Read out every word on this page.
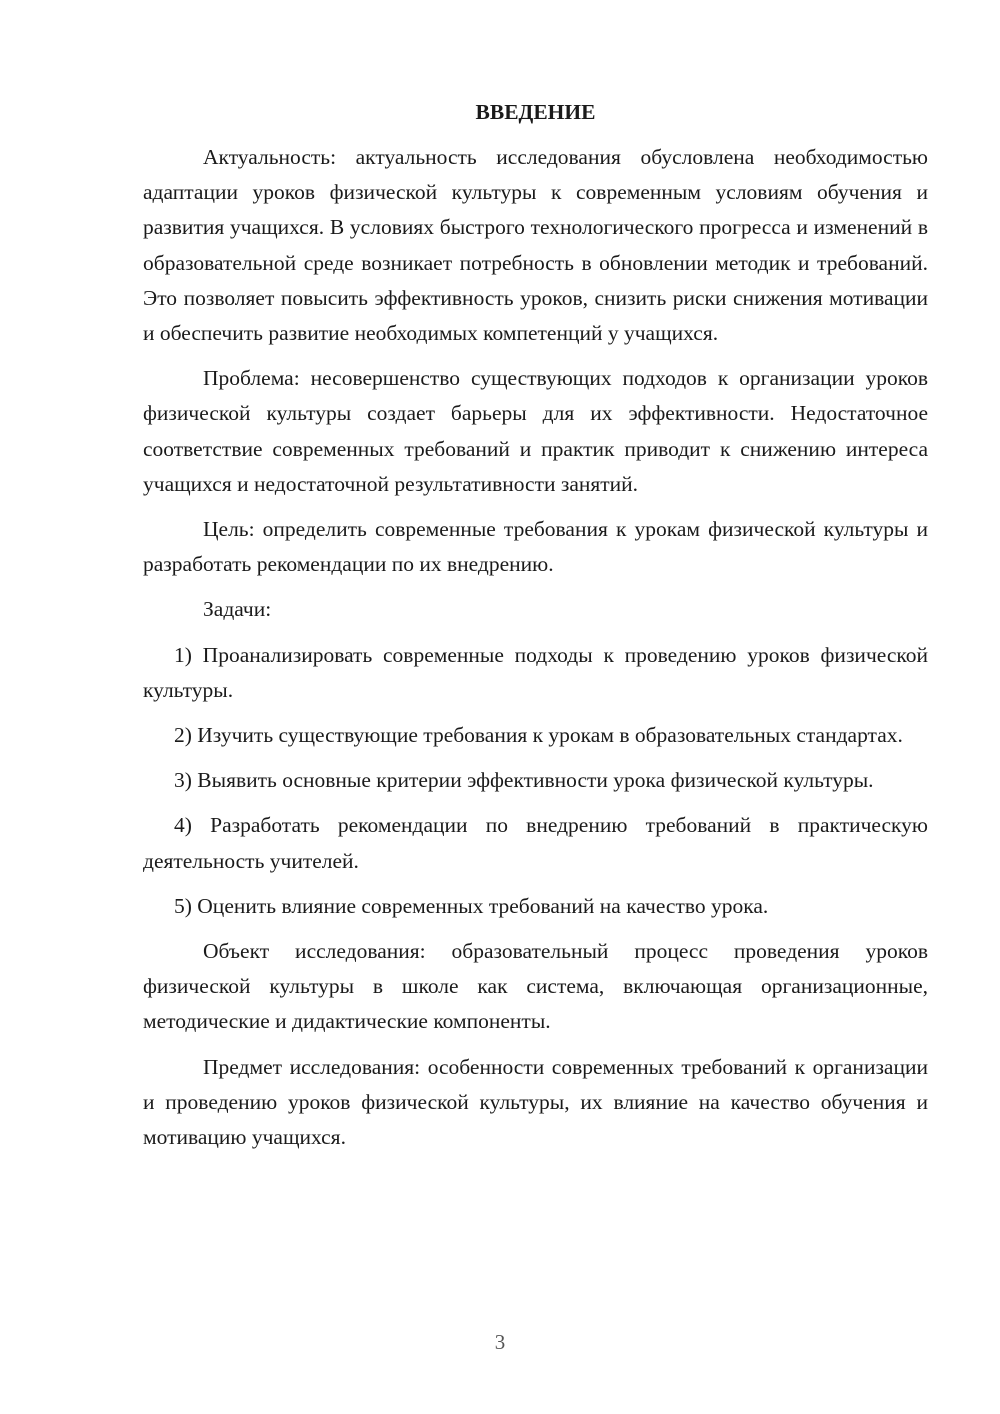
ВВЕДЕНИЕ

Актуальность: актуальность исследования обусловлена необходимостью адаптации уроков физической культуры к современным условиям обучения и развития учащихся. В условиях быстрого технологического прогресса и изменений в образовательной среде возникает потребность в обновлении методик и требований. Это позволяет повысить эффективность уроков, снизить риски снижения мотивации и обеспечить развитие необходимых компетенций у учащихся.

Проблема: несовершенство существующих подходов к организации уроков физической культуры создает барьеры для их эффективности. Недостаточное соответствие современных требований и практик приводит к снижению интереса учащихся и недостаточной результативности занятий.

Цель: определить современные требования к урокам физической культуры и разработать рекомендации по их внедрению.

Задачи:

1) Проанализировать современные подходы к проведению уроков физической культуры.

2) Изучить существующие требования к урокам в образовательных стандартах.

3) Выявить основные критерии эффективности урока физической культуры.

4) Разработать рекомендации по внедрению требований в практическую деятельность учителей.

5) Оценить влияние современных требований на качество урока.

Объект исследования: образовательный процесс проведения уроков физической культуры в школе как система, включающая организационные, методические и дидактические компоненты.

Предмет исследования: особенности современных требований к организации и проведению уроков физической культуры, их влияние на качество обучения и мотивацию учащихся.

3
